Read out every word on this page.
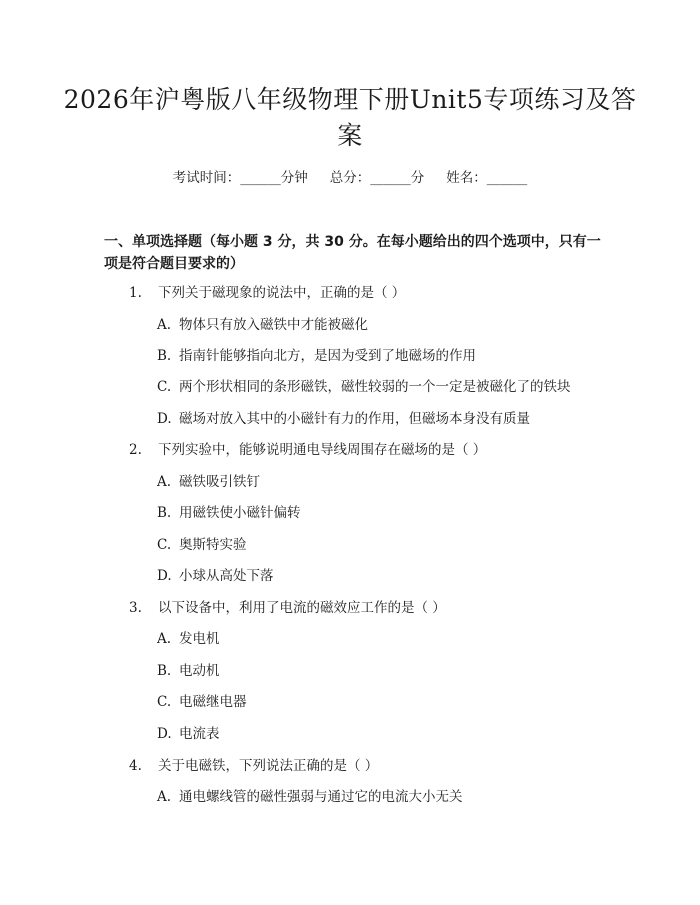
2026年沪粤版八年级物理下册Unit5专项练习及答案
考试时间：______分钟 总分：______分 姓名：______
一、单项选择题（每小题 3 分，共 30 分。在每小题给出的四个选项中，只有一项是符合题目要求的）
1. 下列关于磁现象的说法中，正确的是（ ）
A. 物体只有放入磁铁中才能被磁化
B. 指南针能够指向北方，是因为受到了地磁场的作用
C. 两个形状相同的条形磁铁，磁性较弱的一个一定是被磁化了的铁块
D. 磁场对放入其中的小磁针有力的作用，但磁场本身没有质量
2. 下列实验中，能够说明通电导线周围存在磁场的是（ ）
A. 磁铁吸引铁钉
B. 用磁铁使小磁针偏转
C. 奥斯特实验
D. 小球从高处下落
3. 以下设备中，利用了电流的磁效应工作的是（ ）
A. 发电机
B. 电动机
C. 电磁继电器
D. 电流表
4. 关于电磁铁，下列说法正确的是（ ）
A. 通电螺线管的磁性强弱与通过它的电流大小无关
